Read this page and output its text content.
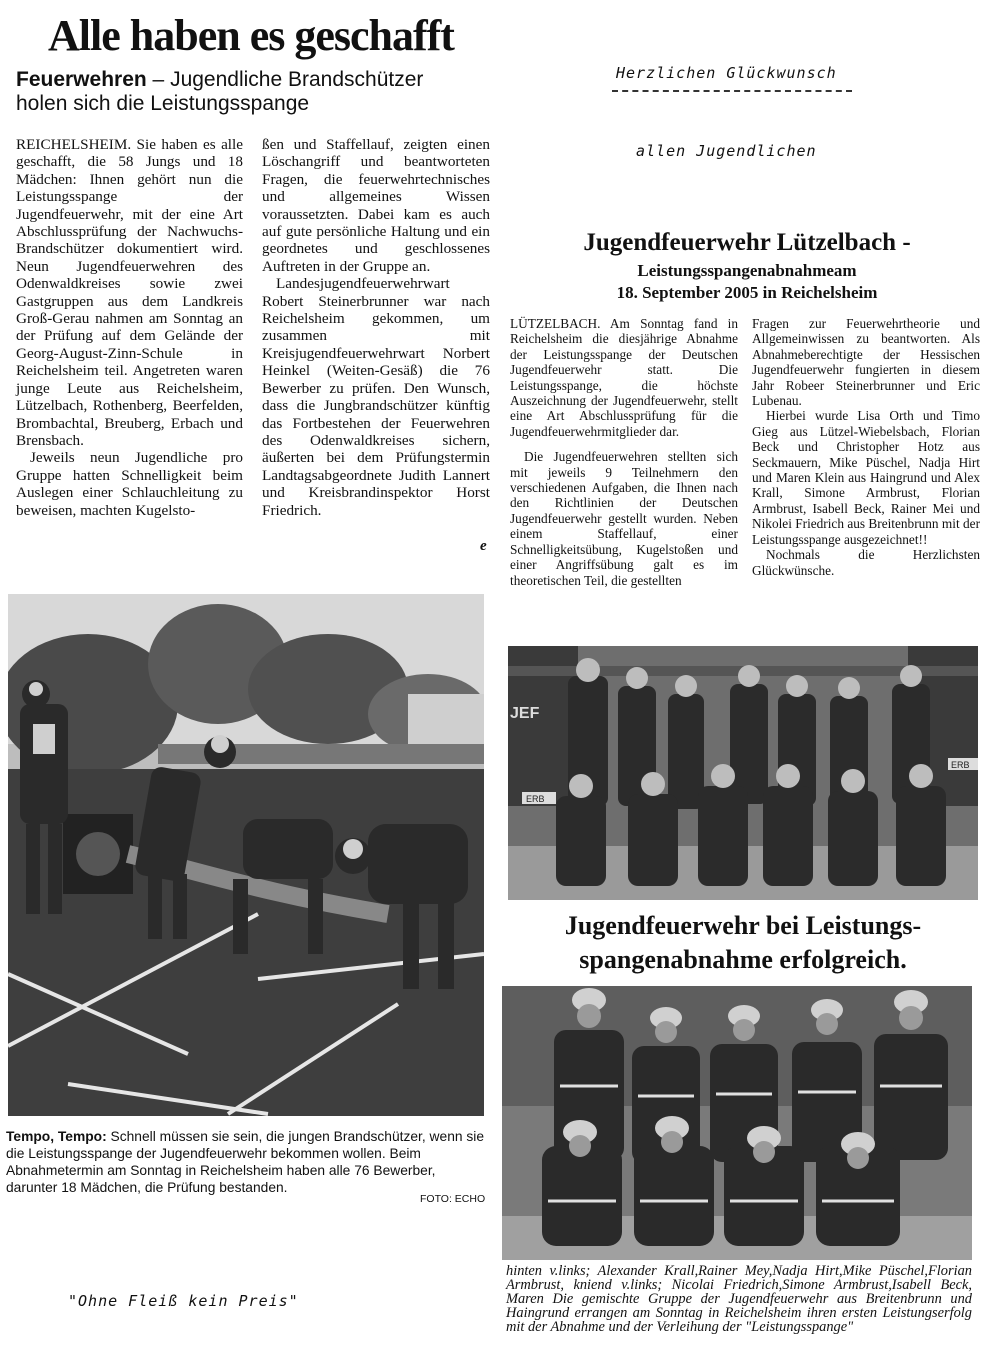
Alle haben es geschafft
Feuerwehren – Jugendliche Brandschützer
holen sich die Leistungsspange

REICHELSHEIM. Sie haben es alle geschafft, die 58 Jungs und 18 Mädchen: Ihnen gehört nun die Leistungsspange der Jugendfeuerwehr, mit der eine Art Abschlussprüfung der Nachwuchs-Brandschützer dokumentiert wird. Neun Jugendfeuerwehren des Odenwaldkreises sowie zwei Gastgruppen aus dem Landkreis Groß-Gerau nahmen am Sonntag an der Prüfung auf dem Gelände der Georg-August-Zinn-Schule in Reichelsheim teil. Angetreten waren junge Leute aus Reichelsheim, Lützelbach, Rothenberg, Beerfelden, Brombachtal, Breuberg, Erbach und Brensbach.

Jeweils neun Jugendliche pro Gruppe hatten Schnelligkeit beim Auslegen einer Schlauchleitung zu beweisen, machten Kugelsto-

ßen und Staffellauf, zeigten einen Löschangriff und beantworteten Fragen, die feuerwehrtechnisches und allgemeines Wissen voraussetzten. Dabei kam es auch auf gute persönliche Haltung und ein geordnetes und geschlossenes Auftreten in der Gruppe an.

Landesjugendfeuerwehrwart Robert Steinerbrunner war nach Reichelsheim gekommen, um zusammen mit Kreisjugendfeuerwehrwart Norbert Heinkel (Weiten-Gesäß) die 76 Bewerber zu prüfen. Den Wunsch, dass die Jungbrandschützer künftig das Fortbestehen der Feuerwehren des Odenwaldkreises sichern, äußerten bei dem Prüfungstermin Landtagsabgeordnete Judith Lannert und Kreisbrandinspektor Horst Friedrich.

e
Tempo, Tempo: Schnell müssen sie sein, die jungen Brandschützer, wenn sie die Leistungsspange der Jugendfeuerwehr bekommen wollen. Beim Abnahmetermin am Sonntag in Reichelsheim haben alle 76 Bewerber, darunter 18 Mädchen, die Prüfung bestanden.
FOTO: ECHO
Herzlichen Glückwunsch
allen Jugendlichen
"Ohne Fleiß kein Preis"
Jugendfeuerwehr Lützelbach -
Leistungsspangenabnahmeam
18. September 2005 in Reichelsheim

LÜTZELBACH. Am Sonntag fand in Reichelsheim die diesjährige Abnahme der Leistungsspange der Deutschen Jugendfeuerwehr statt. Die Leistungsspange, die höchste Auszeichnung der Jugendfeuerwehr, stellt eine Art Abschlussprüfung für die Jugendfeuerwehrmitglieder dar.

Die Jugendfeuerwehren stellten sich mit jeweils 9 Teilnehmern den verschiedenen Aufgaben, die Ihnen nach den Richtlinien der Deutschen Jugendfeuerwehr gestellt wurden. Neben einem Staffellauf, einer Schnelligkeitsübung, Kugelstoßen und einer Angriffsübung galt es im theoretischen Teil, die gestellten

Fragen zur Feuerwehrtheorie und Allgemeinwissen zu beantworten. Als Abnahmeberechtigte der Hessischen Jugendfeuerwehr fungierten in diesem Jahr Robeer Steinerbrunner und Eric Lubenau.

Hierbei wurde Lisa Orth und Timo Gieg aus Lützel-Wiebelsbach, Florian Beck und Christopher Hotz aus Seckmauern, Mike Püschel, Nadja Hirt und Maren Klein aus Haingrund und Alex Krall, Simone Armbrust, Florian Armbrust, Isabell Beck, Rainer Mei und Nikolei Friedrich aus Breitenbrunn mit der Leistungsspange ausgezeichnet!!

Nochmals die Herzlichsten Glückwünsche.

JEF
ERB
ERB
Jugendfeuerwehr bei Leistungs-
spangenabnahme erfolgreich.
hinten v.links; Alexander Krall,Rainer Mey,Nadja Hirt,Mike Püschel,Florian Armbrust, kniend v.links; Nicolai Friedrich,Simone Armbrust,Isabell Beck, Maren Die gemischte Gruppe der Jugendfeuerwehr aus Breitenbrunn und Haingrund errangen am Sonntag in Reichelsheim ihren ersten Leistungserfolg mit der Abnahme und der Verleihung der "Leistungsspange"
